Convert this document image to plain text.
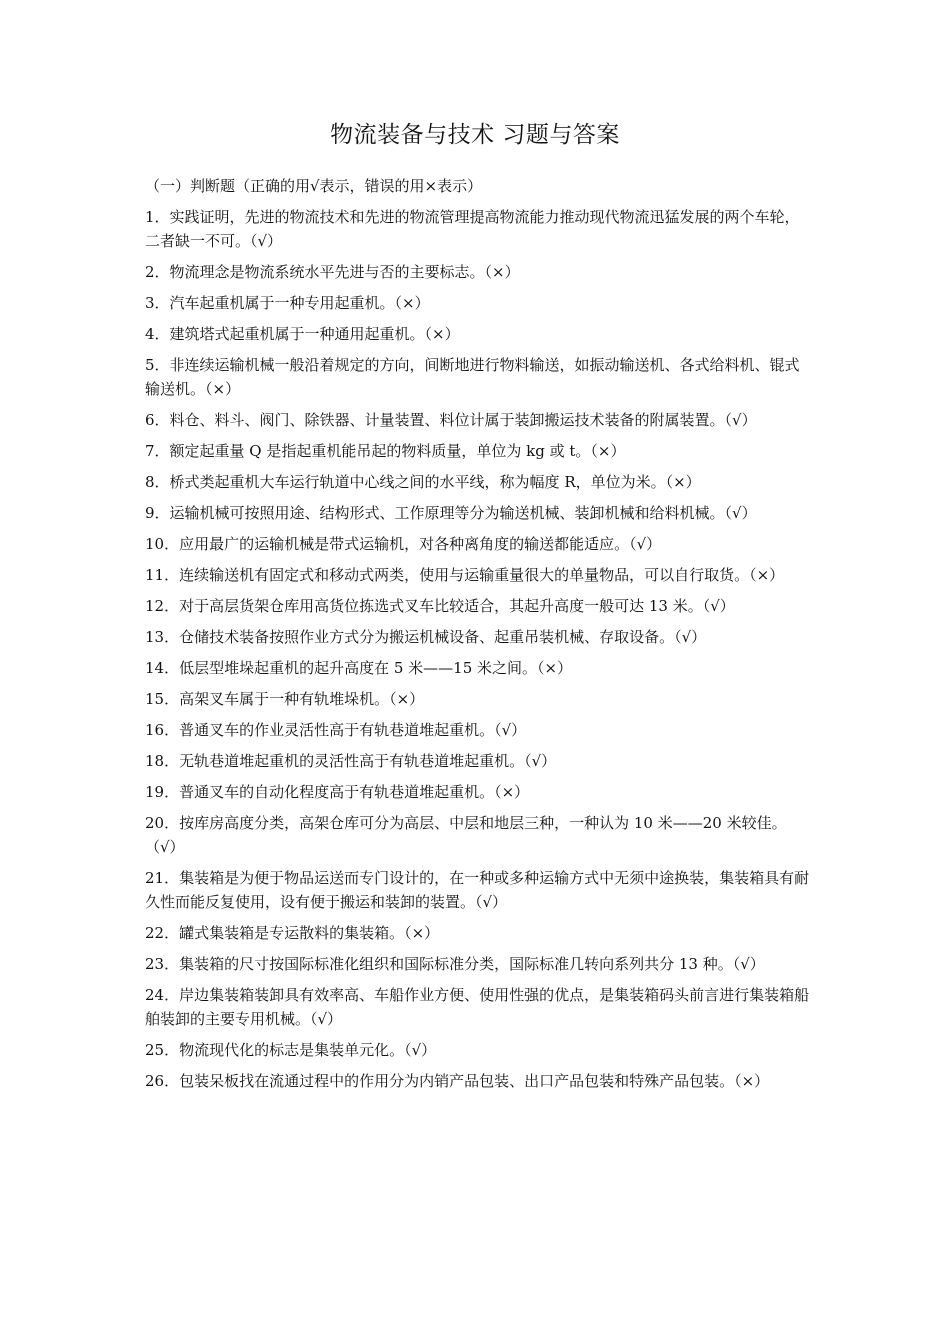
物流装备与技术 习题与答案
（一）判断题（正确的用√表示，错误的用×表示）
1．实践证明，先进的物流技术和先进的物流管理提高物流能力推动现代物流迅猛发展的两个车轮，二者缺一不可。（√）
2．物流理念是物流系统水平先进与否的主要标志。（×）
3．汽车起重机属于一种专用起重机。（×）
4．建筑塔式起重机属于一种通用起重机。（×）
5．非连续运输机械一般沿着规定的方向，间断地进行物料输送，如振动输送机、各式给料机、锟式输送机。（×）
6．料仓、料斗、阀门、除铁器、计量装置、料位计属于装卸搬运技术装备的附属装置。（√）
7．额定起重量 Q 是指起重机能吊起的物料质量，单位为 kg 或 t。（×）
8．桥式类起重机大车运行轨道中心线之间的水平线，称为幅度 R，单位为米。（×）
9．运输机械可按照用途、结构形式、工作原理等分为输送机械、装卸机械和给料机械。（√）
10．应用最广的运输机械是带式运输机，对各种离角度的输送都能适应。（√）
11．连续输送机有固定式和移动式两类，使用与运输重量很大的单量物品，可以自行取货。（×）
12．对于高层货架仓库用高货位拣选式叉车比较适合，其起升高度一般可达 13 米。（√）
13．仓储技术装备按照作业方式分为搬运机械设备、起重吊装机械、存取设备。（√）
14．低层型堆垛起重机的起升高度在 5 米——15 米之间。（×）
15．高架叉车属于一种有轨堆垛机。（×）
16．普通叉车的作业灵活性高于有轨巷道堆起重机。（√）
18．无轨巷道堆起重机的灵活性高于有轨巷道堆起重机。（√）
19．普通叉车的自动化程度高于有轨巷道堆起重机。（×）
20．按库房高度分类，高架仓库可分为高层、中层和地层三种，一种认为 10 米——20 米较佳。（√）
21．集装箱是为便于物品运送而专门设计的，在一种或多种运输方式中无须中途换装，集装箱具有耐久性而能反复使用，设有便于搬运和装卸的装置。（√）
22．罐式集装箱是专运散料的集装箱。（×）
23．集装箱的尺寸按国际标准化组织和国际标准分类，国际标准几转向系列共分 13 种。（√）
24．岸边集装箱装卸具有效率高、车船作业方便、使用性强的优点，是集装箱码头前言进行集装箱船舶装卸的主要专用机械。（√）
25．物流现代化的标志是集装单元化。（√）
26．包装呆板找在流通过程中的作用分为内销产品包装、出口产品包装和特殊产品包装。（×）
